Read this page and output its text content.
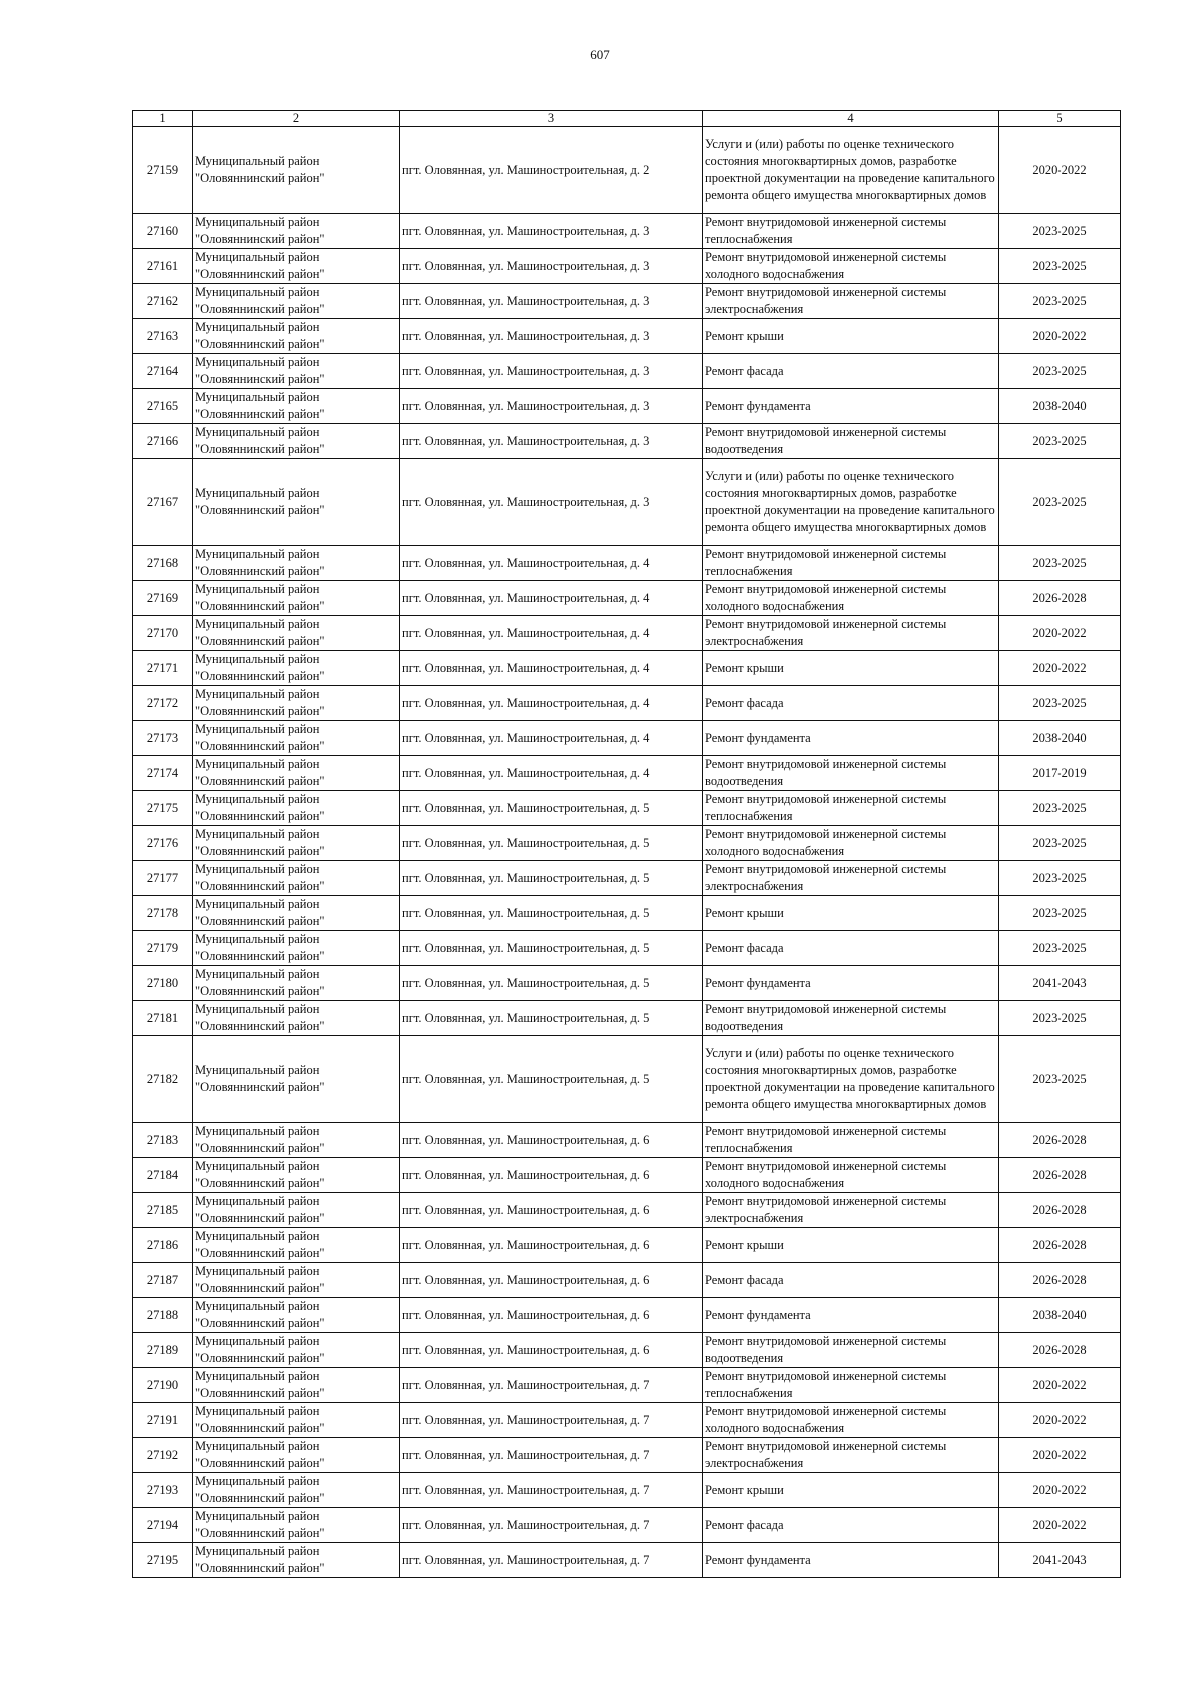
607
1	2	3	4	5
27159	Муниципальный район "Оловяннинский район"	пгт. Оловянная, ул. Машиностроительная, д. 2	Услуги и (или) работы по оценке технического состояния многоквартирных домов, разработке проектной документации на проведение капитального ремонта общего имущества многоквартирных домов	2020-2022
27160	Муниципальный район "Оловяннинский район"	пгт. Оловянная, ул. Машиностроительная, д. 3	Ремонт внутридомовой инженерной системы теплоснабжения	2023-2025
27161	Муниципальный район "Оловяннинский район"	пгт. Оловянная, ул. Машиностроительная, д. 3	Ремонт внутридомовой инженерной системы холодного водоснабжения	2023-2025
27162	Муниципальный район "Оловяннинский район"	пгт. Оловянная, ул. Машиностроительная, д. 3	Ремонт внутридомовой инженерной системы электроснабжения	2023-2025
27163	Муниципальный район "Оловяннинский район"	пгт. Оловянная, ул. Машиностроительная, д. 3	Ремонт крыши	2020-2022
27164	Муниципальный район "Оловяннинский район"	пгт. Оловянная, ул. Машиностроительная, д. 3	Ремонт фасада	2023-2025
27165	Муниципальный район "Оловяннинский район"	пгт. Оловянная, ул. Машиностроительная, д. 3	Ремонт фундамента	2038-2040
27166	Муниципальный район "Оловяннинский район"	пгт. Оловянная, ул. Машиностроительная, д. 3	Ремонт внутридомовой инженерной системы водоотведения	2023-2025
27167	Муниципальный район "Оловяннинский район"	пгт. Оловянная, ул. Машиностроительная, д. 3	Услуги и (или) работы по оценке технического состояния многоквартирных домов, разработке проектной документации на проведение капитального ремонта общего имущества многоквартирных домов	2023-2025
27168	Муниципальный район "Оловяннинский район"	пгт. Оловянная, ул. Машиностроительная, д. 4	Ремонт внутридомовой инженерной системы теплоснабжения	2023-2025
27169	Муниципальный район "Оловяннинский район"	пгт. Оловянная, ул. Машиностроительная, д. 4	Ремонт внутридомовой инженерной системы холодного водоснабжения	2026-2028
27170	Муниципальный район "Оловяннинский район"	пгт. Оловянная, ул. Машиностроительная, д. 4	Ремонт внутридомовой инженерной системы электроснабжения	2020-2022
27171	Муниципальный район "Оловяннинский район"	пгт. Оловянная, ул. Машиностроительная, д. 4	Ремонт крыши	2020-2022
27172	Муниципальный район "Оловяннинский район"	пгт. Оловянная, ул. Машиностроительная, д. 4	Ремонт фасада	2023-2025
27173	Муниципальный район "Оловяннинский район"	пгт. Оловянная, ул. Машиностроительная, д. 4	Ремонт фундамента	2038-2040
27174	Муниципальный район "Оловяннинский район"	пгт. Оловянная, ул. Машиностроительная, д. 4	Ремонт внутридомовой инженерной системы водоотведения	2017-2019
27175	Муниципальный район "Оловяннинский район"	пгт. Оловянная, ул. Машиностроительная, д. 5	Ремонт внутридомовой инженерной системы теплоснабжения	2023-2025
27176	Муниципальный район "Оловяннинский район"	пгт. Оловянная, ул. Машиностроительная, д. 5	Ремонт внутридомовой инженерной системы холодного водоснабжения	2023-2025
27177	Муниципальный район "Оловяннинский район"	пгт. Оловянная, ул. Машиностроительная, д. 5	Ремонт внутридомовой инженерной системы электроснабжения	2023-2025
27178	Муниципальный район "Оловяннинский район"	пгт. Оловянная, ул. Машиностроительная, д. 5	Ремонт крыши	2023-2025
27179	Муниципальный район "Оловяннинский район"	пгт. Оловянная, ул. Машиностроительная, д. 5	Ремонт фасада	2023-2025
27180	Муниципальный район "Оловяннинский район"	пгт. Оловянная, ул. Машиностроительная, д. 5	Ремонт фундамента	2041-2043
27181	Муниципальный район "Оловяннинский район"	пгт. Оловянная, ул. Машиностроительная, д. 5	Ремонт внутридомовой инженерной системы водоотведения	2023-2025
27182	Муниципальный район "Оловяннинский район"	пгт. Оловянная, ул. Машиностроительная, д. 5	Услуги и (или) работы по оценке технического состояния многоквартирных домов, разработке проектной документации на проведение капитального ремонта общего имущества многоквартирных домов	2023-2025
27183	Муниципальный район "Оловяннинский район"	пгт. Оловянная, ул. Машиностроительная, д. 6	Ремонт внутридомовой инженерной системы теплоснабжения	2026-2028
27184	Муниципальный район "Оловяннинский район"	пгт. Оловянная, ул. Машиностроительная, д. 6	Ремонт внутридомовой инженерной системы холодного водоснабжения	2026-2028
27185	Муниципальный район "Оловяннинский район"	пгт. Оловянная, ул. Машиностроительная, д. 6	Ремонт внутридомовой инженерной системы электроснабжения	2026-2028
27186	Муниципальный район "Оловяннинский район"	пгт. Оловянная, ул. Машиностроительная, д. 6	Ремонт крыши	2026-2028
27187	Муниципальный район "Оловяннинский район"	пгт. Оловянная, ул. Машиностроительная, д. 6	Ремонт фасада	2026-2028
27188	Муниципальный район "Оловяннинский район"	пгт. Оловянная, ул. Машиностроительная, д. 6	Ремонт фундамента	2038-2040
27189	Муниципальный район "Оловяннинский район"	пгт. Оловянная, ул. Машиностроительная, д. 6	Ремонт внутридомовой инженерной системы водоотведения	2026-2028
27190	Муниципальный район "Оловяннинский район"	пгт. Оловянная, ул. Машиностроительная, д. 7	Ремонт внутридомовой инженерной системы теплоснабжения	2020-2022
27191	Муниципальный район "Оловяннинский район"	пгт. Оловянная, ул. Машиностроительная, д. 7	Ремонт внутридомовой инженерной системы холодного водоснабжения	2020-2022
27192	Муниципальный район "Оловяннинский район"	пгт. Оловянная, ул. Машиностроительная, д. 7	Ремонт внутридомовой инженерной системы электроснабжения	2020-2022
27193	Муниципальный район "Оловяннинский район"	пгт. Оловянная, ул. Машиностроительная, д. 7	Ремонт крыши	2020-2022
27194	Муниципальный район "Оловяннинский район"	пгт. Оловянная, ул. Машиностроительная, д. 7	Ремонт фасада	2020-2022
27195	Муниципальный район "Оловяннинский район"	пгт. Оловянная, ул. Машиностроительная, д. 7	Ремонт фундамента	2041-2043
